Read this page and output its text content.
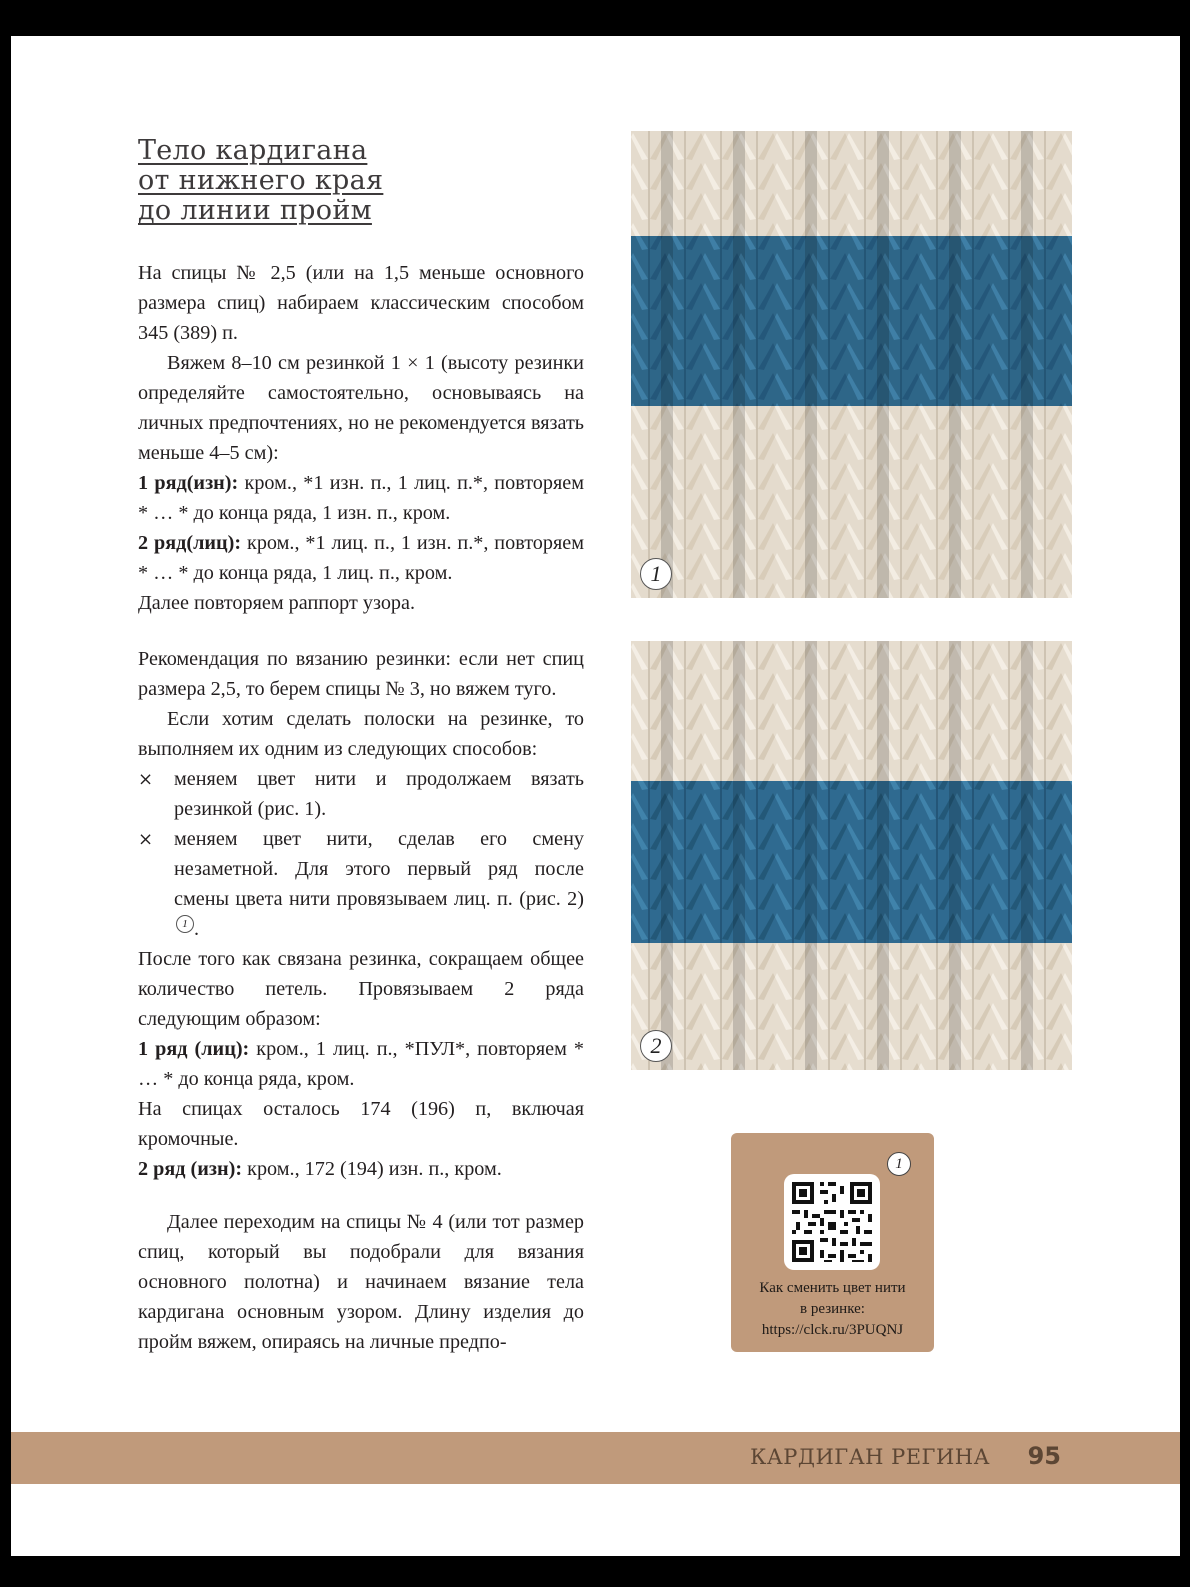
Тело кардигана
от нижнего края
до линии пройм

На спицы № 2,5 (или на 1,5 меньше основного размера спиц) набираем классическим способом 345 (389) п.

Вяжем 8–10 см резинкой 1 × 1 (высоту резинки определяйте самостоятельно, основываясь на личных предпочтениях, но не рекомендуется вязать меньше 4–5 см):

1 ряд(изн): кром., *1 изн. п., 1 лиц. п.*, повторяем * … * до конца ряда, 1 изн. п., кром.

2 ряд(лиц): кром., *1 лиц. п., 1 изн. п.*, повторяем * … * до конца ряда, 1 лиц. п., кром.

Далее повторяем раппорт узора.

Рекомендация по вязанию резинки: если нет спиц размера 2,5, то берем спицы № 3, но вяжем туго.

Если хотим сделать полоски на резинке, то выполняем их одним из следующих способов:

⨯ меняем цвет нити и продолжаем вязать резинкой (рис. 1).
⨯ меняем цвет нити, сделав его смену незаметной. Для этого первый ряд после смены цвета нити провязываем лиц. п. (рис. 2)1 .

После того как связана резинка, сокращаем общее количество петель. Провязываем 2 ряда следующим образом:

1 ряд (лиц): кром., 1 лиц. п., *ПУЛ*, повторяем * … * до конца ряда, кром.

На спицах осталось 174 (196) п, включая кромочные.

2 ряд (изн): кром., 172 (194) изн. п., кром.

Далее переходим на спицы № 4 (или тот размер спиц, который вы подобрали для вязания основного полотна) и начинаем вязание тела кардигана основным узором. Длину изделия до пройм вяжем, опираясь на личные предпо-

1
2
1
Как сменить цвет нити
в резинке:
https://clck.ru/3PUQNJ
КАРДИГАН РЕГИНА 95
